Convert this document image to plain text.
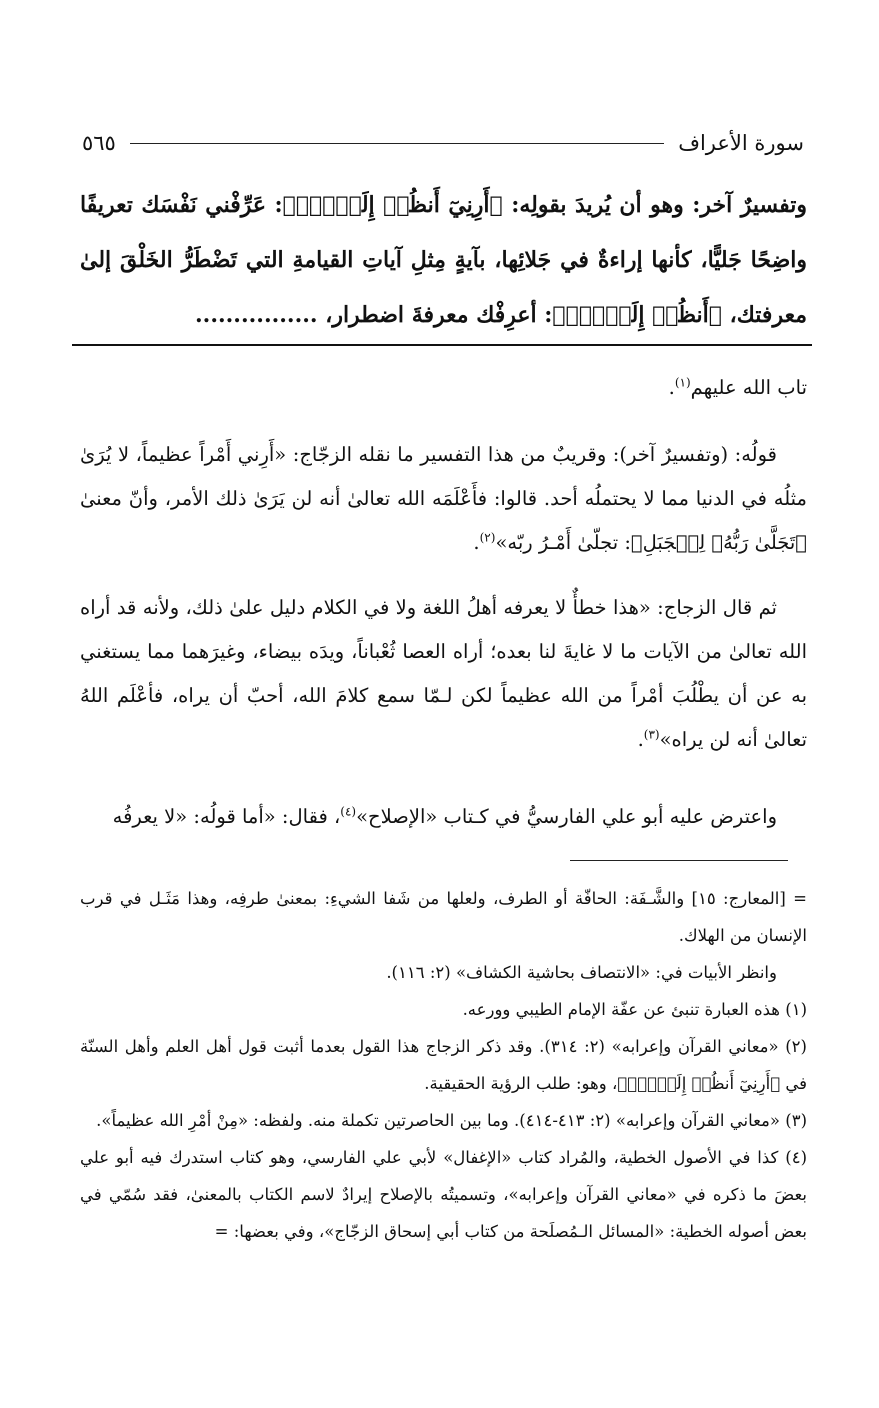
سورة الأعراف
٥٦٥
وتفسيرٌ آخر: وهو أن يُريدَ بقولِه: ﴿أَرِنِيٓ أَنظُرۡ إِلَيۡكَۚ﴾: عَرِّفْني نَفْسَك تعريفًا واضِحًا جَليًّا، كأنها إراءةٌ في جَلائِها، بآيةٍ مِثلِ آياتِ القيامةِ التي تَضْطَرُّ الخَلْقَ إلىٰ معرفتك، ﴿أَنظُرۡ إِلَيۡكَۚ﴾: أعرِفْك معرفةَ اضطرار، ................

تاب الله عليهم$^{(١)}$.

قولُه: (وتفسيرٌ آخر): وقريبٌ من هذا التفسير ما نقله الزجّاج: «أَرِني أَمْراً عظيماً، لا يُرَىٰ مثلُه في الدنيا مما لا يحتملُه أحد. قالوا: فأَعْلَمَه الله تعالىٰ أنه لن يَرَىٰ ذلك الأمر، وأنّ معنىٰ ﴿تَجَلَّىٰ رَبُّهُۥ لِلۡجَبَلِ﴾: تجلّىٰ أَمْـرُ ربّه»$^{(٢)}$.

ثم قال الزجاج: «هذا خطأٌ لا يعرفه أهلُ اللغة ولا في الكلام دليل علىٰ ذلك، ولأنه قد أراه الله تعالىٰ من الآيات ما لا غايةَ لنا بعده؛ أراه العصا ثُعْباناً، ويدَه بيضاء، وغيرَهما مما يستغني به عن أن يطْلُبَ أمْراً من الله عظيماً لكن لـمّا سمع كلامَ الله، أحبّ أن يراه، فأعْلَم اللهُ تعالىٰ أنه لن يراه»$^{(٣)}$.

واعترض عليه أبو علي الفارسيُّ في كـتاب «الإصلاح»$^{(٤)}$، فقال: «أما قولُه: «لا يعرفُه

= [المعارج: ١٥] والشَّـفَة: الحافّة أو الطرف، ولعلها من شَفا الشيءِ: بمعنىٰ طرفِه، وهذا مَثَـل في قرب الإنسان من الهلاك.

وانظر الأبيات في: «الانتصاف بحاشية الكشاف» (٢: ١١٦).

(١) هذه العبارة تنبئ عن عفّة الإمام الطيبي وورعه.

(٢) «معاني القرآن وإعرابه» (٢: ٣١٤). وقد ذكر الزجاج هذا القول بعدما أثبت قول أهل العلم وأهل السنّة في ﴿أَرِنِيٓ أَنظُرۡ إِلَيۡكَۚ﴾، وهو: طلب الرؤية الحقيقية.

(٣) «معاني القرآن وإعرابه» (٢: ٤١٣-٤١٤). وما بين الحاصرتين تكملة منه. ولفظه: «مِنْ أمْرِ الله عظيماً».

(٤) كذا في الأصول الخطية، والمُراد كتاب «الإغفال» لأبي علي الفارسي، وهو كتاب استدرك فيه أبو علي بعضَ ما ذكره في «معاني القرآن وإعرابه»، وتسميتُه بالإصلاح إيرادٌ لاسم الكتاب بالمعنىٰ، فقد سُمّي في بعض أصوله الخطية: «المسائل الـمُصلَحة من كتاب أبي إسحاق الزجّاج»، وفي بعضها: =
